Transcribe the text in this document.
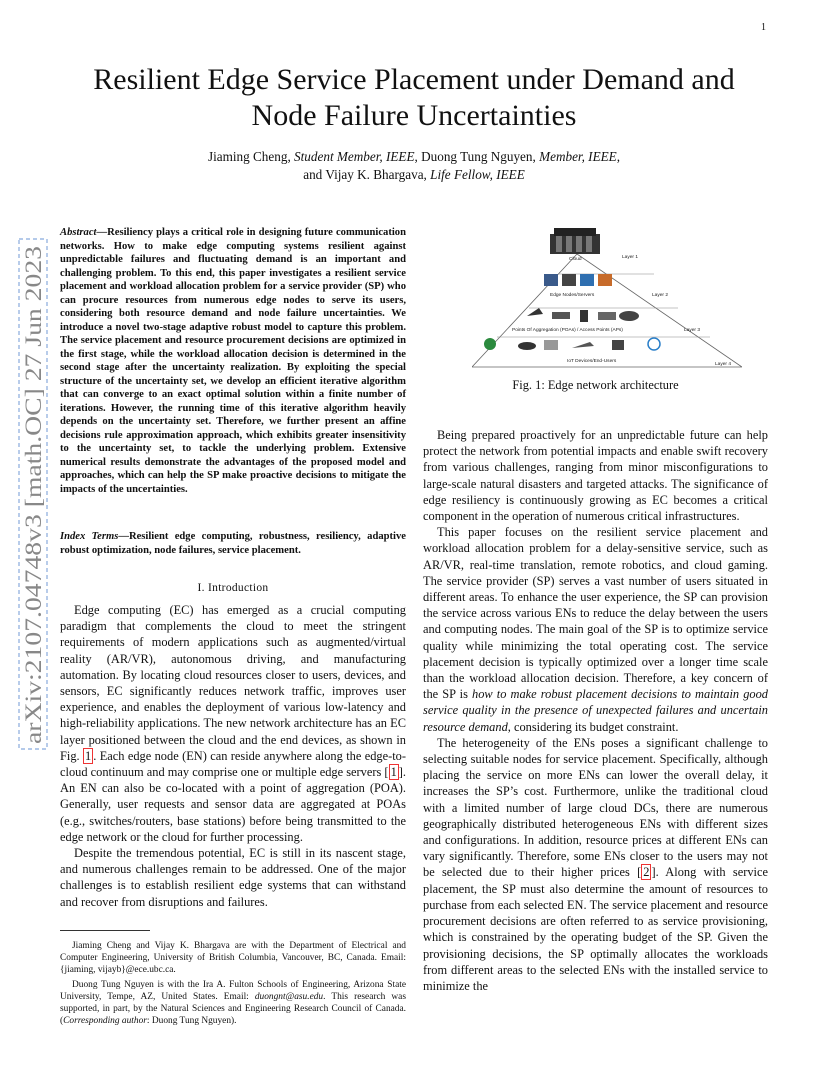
1
arXiv:2107.04748v3 [math.OC] 27 Jun 2023
Resilient Edge Service Placement under Demand and Node Failure Uncertainties
Jiaming Cheng, Student Member, IEEE, Duong Tung Nguyen, Member, IEEE,
and Vijay K. Bhargava, Life Fellow, IEEE
Abstract—Resiliency plays a critical role in designing future communication networks. How to make edge computing systems resilient against unpredictable failures and fluctuating demand is an important and challenging problem. To this end, this paper investigates a resilient service placement and workload allocation problem for a service provider (SP) who can procure resources from numerous edge nodes to serve its users, considering both resource demand and node failure uncertainties. We introduce a novel two-stage adaptive robust model to capture this problem. The service placement and resource procurement decisions are optimized in the first stage, while the workload allocation decision is determined in the second stage after the uncertainty realization. By exploiting the special structure of the uncertainty set, we develop an efficient iterative algorithm that can converge to an exact optimal solution within a finite number of iterations. However, the running time of this iterative algorithm heavily depends on the uncertainty set. Therefore, we further present an affine decisions rule approximation approach, which exhibits greater insensitivity to the uncertainty set, to tackle the underlying problem. Extensive numerical results demonstrate the advantages of the proposed model and approaches, which can help the SP make proactive decisions to mitigate the impacts of the uncertainties.
Index Terms—Resilient edge computing, robustness, resiliency, adaptive robust optimization, node failures, service placement.
I. Introduction

Edge computing (EC) has emerged as a crucial computing paradigm that complements the cloud to meet the stringent requirements of modern applications such as augmented/virtual reality (AR/VR), autonomous driving, and manufacturing automation. By locating cloud resources closer to users, devices, and sensors, EC significantly reduces network traffic, improves user experience, and enables the deployment of various low-latency and high-reliability applications. The new network architecture has an EC layer positioned between the cloud and the end devices, as shown in Fig. 1 . Each edge node (EN) can reside anywhere along the edge-to-cloud continuum and may comprise one or multiple edge servers [ 1 ]. An EN can also be co-located with a point of aggregation (POA). Generally, user requests and sensor data are aggregated at POAs (e.g., switches/routers, base stations) before being transmitted to the edge network or the cloud for further processing.

Despite the tremendous potential, EC is still in its nascent stage, and numerous challenges remain to be addressed. One of the major challenges is to establish resilient edge systems that can withstand and recover from disruptions and failures.

Jiaming Cheng and Vijay K. Bhargava are with the Department of Electrical and Computer Engineering, University of British Columbia, Vancouver, BC, Canada. Email: {jiaming, vijayb}@ece.ubc.ca.

Duong Tung Nguyen is with the Ira A. Fulton Schools of Engineering, Arizona State University, Tempe, AZ, United States. Email: duongnt@asu.edu. This research was supported, in part, by the Natural Sciences and Engineering Research Council of Canada. (Corresponding author: Duong Tung Nguyen).

Cloud	Layer 1
Edge Nodes/Servers	Layer 2
Points Of Aggregation (POAs) / Access Points (APs)	Layer 3
IoT Devices/End-Users
Layer 4
Fig. 1: Edge network architecture

Being prepared proactively for an unpredictable future can help protect the network from potential impacts and enable swift recovery from various challenges, ranging from minor misconfigurations to large-scale natural disasters and targeted attacks. The significance of edge resiliency is continuously growing as EC becomes a critical component in the operation of numerous critical infrastructures.

This paper focuses on the resilient service placement and workload allocation problem for a delay-sensitive service, such as AR/VR, real-time translation, remote robotics, and cloud gaming. The service provider (SP) serves a vast number of users situated in different areas. To enhance the user experience, the SP can provision the service across various ENs to reduce the delay between the users and computing nodes. The main goal of the SP is to optimize service quality while minimizing the total operating cost. The service placement decision is typically optimized over a longer time scale than the workload allocation decision. Therefore, a key concern of the SP is how to make robust placement decisions to maintain good service quality in the presence of unexpected failures and uncertain resource demand, considering its budget constraint.

The heterogeneity of the ENs poses a significant challenge to selecting suitable nodes for service placement. Specifically, although placing the service on more ENs can lower the overall delay, it increases the SP’s cost. Furthermore, unlike the traditional cloud with a limited number of large cloud DCs, there are numerous geographically distributed heterogeneous ENs with different sizes and configurations. In addition, resource prices at different ENs can vary significantly. Therefore, some ENs closer to the users may not be selected due to their higher prices [ 2 ]. Along with service placement, the SP must also determine the amount of resources to purchase from each selected EN. The service placement and resource procurement decisions are often referred to as service provisioning, which is constrained by the operating budget of the SP. Given the provisioning decisions, the SP optimally allocates the workloads from different areas to the selected ENs with the installed service to minimize the
